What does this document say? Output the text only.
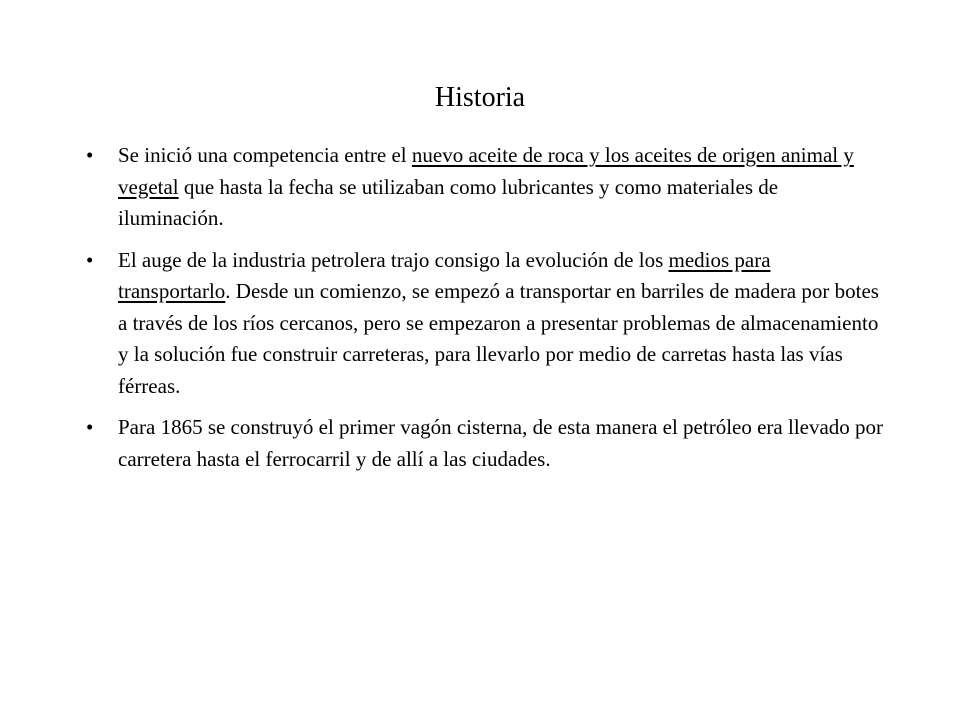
Historia
• Se inició una competencia entre el nuevo aceite de roca y los aceites de origen animal y vegetal que hasta la fecha se utilizaban como lubricantes y como materiales de iluminación.
• El auge de la industria petrolera trajo consigo la evolución de los medios para transportarlo. Desde un comienzo, se empezó a transportar en barriles de madera por botes a través de los ríos cercanos, pero se empezaron a presentar problemas de almacenamiento y la solución fue construir carreteras, para llevarlo por medio de carretas hasta las vías férreas.
• Para 1865 se construyó el primer vagón cisterna, de esta manera el petróleo era llevado por carretera hasta el ferrocarril y de allí a las ciudades.
